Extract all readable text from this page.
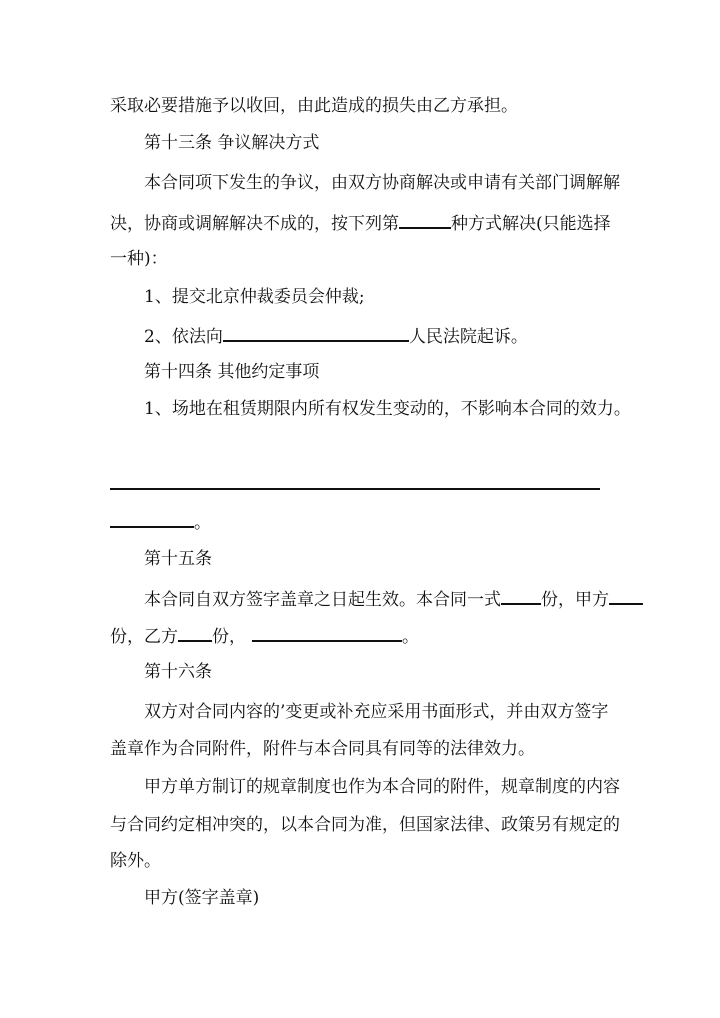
采取必要措施予以收回，由此造成的损失由乙方承担。

第十三条 争议解决方式

本合同项下发生的争议，由双方协商解决或申请有关部门调解解

决，协商或调解解决不成的，按下列第	种方式解决(只能选择

一种)：

1、提交北京仲裁委员会仲裁;

2、依法向	人民法院起诉。

第十四条 其他约定事项

1、场地在租赁期限内所有权发生变动的，不影响本合同的效力。

。

第十五条

本合同自双方签字盖章之日起生效。本合同一式 份，甲方

份，乙方 份，	。

第十六条

双方对合同内容的’变更或补充应采用书面形式，并由双方签字

盖章作为合同附件，附件与本合同具有同等的法律效力。

甲方单方制订的规章制度也作为本合同的附件，规章制度的内容

与合同约定相冲突的，以本合同为准，但国家法律、政策另有规定的

除外。

甲方(签字盖章)
